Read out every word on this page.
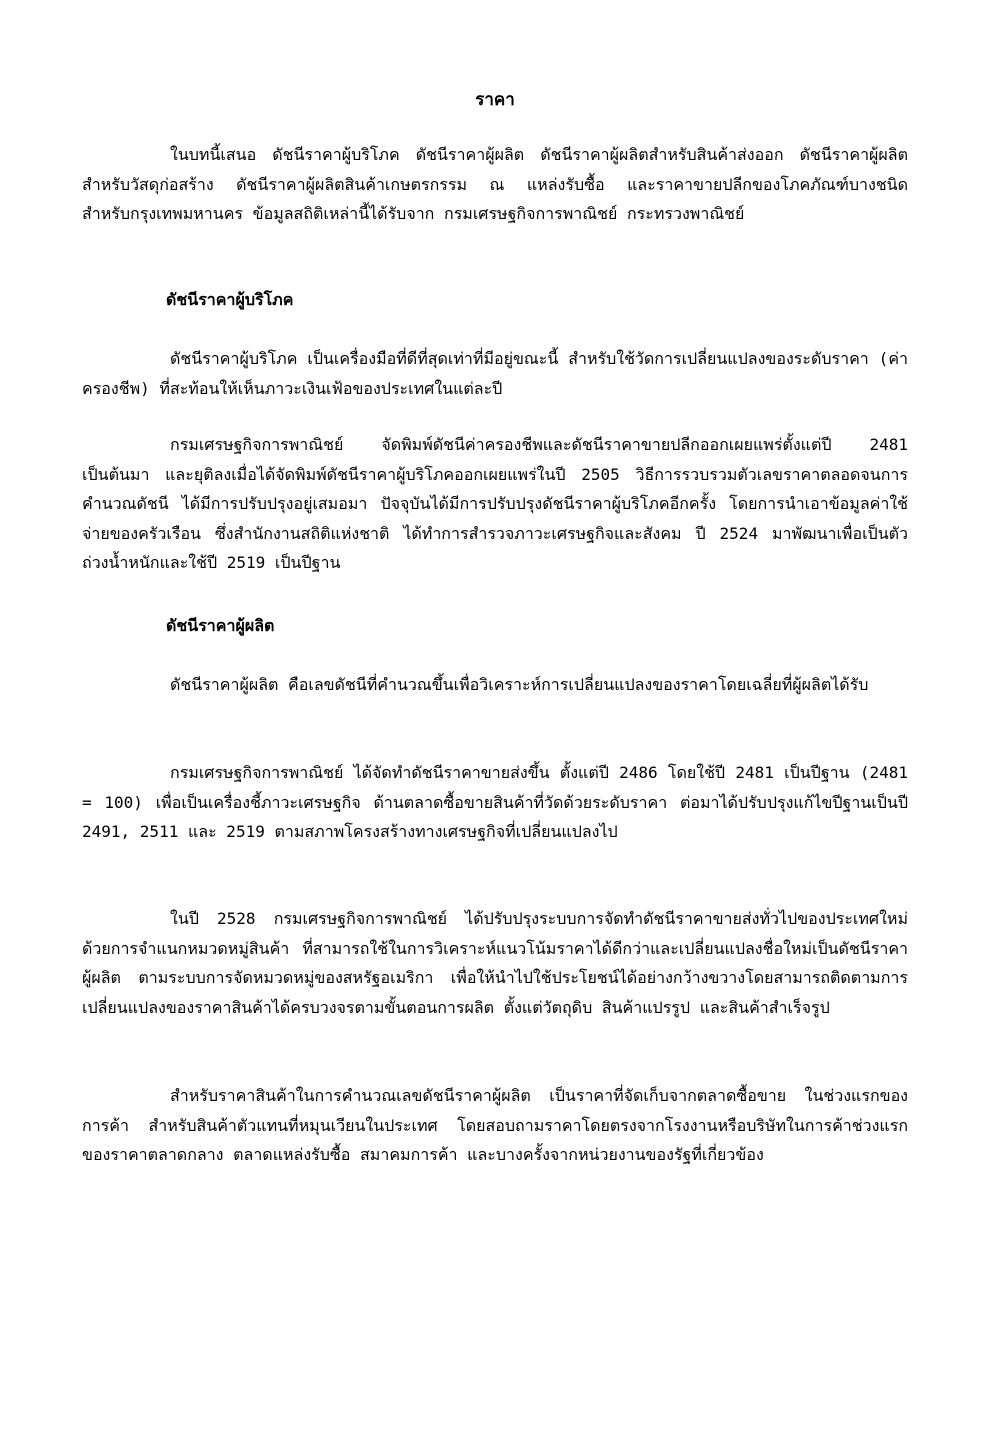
ราคา

ในบทนี้เสนอ ดัชนีราคาผู้บริโภค ดัชนีราคาผู้ผลิต ดัชนีราคาผู้ผลิตสำหรับสินค้าส่งออก ดัชนีราคาผู้ผลิตสำหรับวัสดุก่อสร้าง ดัชนีราคาผู้ผลิตสินค้าเกษตรกรรม ณ แหล่งรับซื้อ และราคาขายปลีกของโภคภัณฑ์บางชนิด สำหรับกรุงเทพมหานคร ข้อมูลสถิติเหล่านี้ได้รับจาก กรมเศรษฐกิจการพาณิชย์ กระทรวงพาณิชย์

ดัชนีราคาผู้บริโภค

ดัชนีราคาผู้บริโภค เป็นเครื่องมือที่ดีที่สุดเท่าที่มีอยู่ขณะนี้ สำหรับใช้วัดการเปลี่ยนแปลงของระดับราคา (ค่าครองชีพ) ที่สะท้อนให้เห็นภาวะเงินเฟ้อของประเทศในแต่ละปี

กรมเศรษฐกิจการพาณิชย์ จัดพิมพ์ดัชนีค่าครองชีพและดัชนีราคาขายปลีกออกเผยแพร่ตั้งแต่ปี 2481 เป็นต้นมา และยุติลงเมื่อได้จัดพิมพ์ดัชนีราคาผู้บริโภคออกเผยแพร่ในปี 2505 วิธีการรวบรวมตัวเลขราคาตลอดจนการคำนวณดัชนี ได้มีการปรับปรุงอยู่เสมอมา ปัจจุบันได้มีการปรับปรุงดัชนีราคาผู้บริโภคอีกครั้ง โดยการนำเอาข้อมูลค่าใช้จ่ายของครัวเรือน ซึ่งสำนักงานสถิติแห่งชาติ ได้ทำการสำรวจภาวะเศรษฐกิจและสังคม ปี 2524 มาพัฒนาเพื่อเป็นตัวถ่วงน้ำหนักและใช้ปี 2519 เป็นปีฐาน

ดัชนีราคาผู้ผลิต

ดัชนีราคาผู้ผลิต คือเลขดัชนีที่คำนวณขึ้นเพื่อวิเคราะห์การเปลี่ยนแปลงของราคาโดยเฉลี่ยที่ผู้ผลิตได้รับ

กรมเศรษฐกิจการพาณิชย์ ได้จัดทำดัชนีราคาขายส่งขึ้น ตั้งแต่ปี 2486 โดยใช้ปี 2481 เป็นปีฐาน (2481 = 100) เพื่อเป็นเครื่องชี้ภาวะเศรษฐกิจ ด้านตลาดซื้อขายสินค้าที่วัดด้วยระดับราคา ต่อมาได้ปรับปรุงแก้ไขปีฐานเป็นปี 2491, 2511 และ 2519 ตามสภาพโครงสร้างทางเศรษฐกิจที่เปลี่ยนแปลงไป

ในปี 2528 กรมเศรษฐกิจการพาณิชย์ ได้ปรับปรุงระบบการจัดทำดัชนีราคาขายส่งทั่วไปของประเทศใหม่ ด้วยการจำแนกหมวดหมู่สินค้า ที่สามารถใช้ในการวิเคราะห์แนวโน้มราคาได้ดีกว่าและเปลี่ยนแปลงชื่อใหม่เป็นดัชนีราคาผู้ผลิต ตามระบบการจัดหมวดหมู่ของสหรัฐอเมริกา เพื่อให้นำไปใช้ประโยชน์ได้อย่างกว้างขวางโดยสามารถติดตามการเปลี่ยนแปลงของราคาสินค้าได้ครบวงจรตามขั้นตอนการผลิต ตั้งแต่วัตถุดิบ สินค้าแปรรูป และสินค้าสำเร็จรูป

สำหรับราคาสินค้าในการคำนวณเลขดัชนีราคาผู้ผลิต เป็นราคาที่จัดเก็บจากตลาดซื้อขาย ในช่วงแรกของการค้า สำหรับสินค้าตัวแทนที่หมุนเวียนในประเทศ โดยสอบถามราคาโดยตรงจากโรงงานหรือบริษัทในการค้าช่วงแรกของราคาตลาดกลาง ตลาดแหล่งรับซื้อ สมาคมการค้า และบางครั้งจากหน่วยงานของรัฐที่เกี่ยวข้อง
